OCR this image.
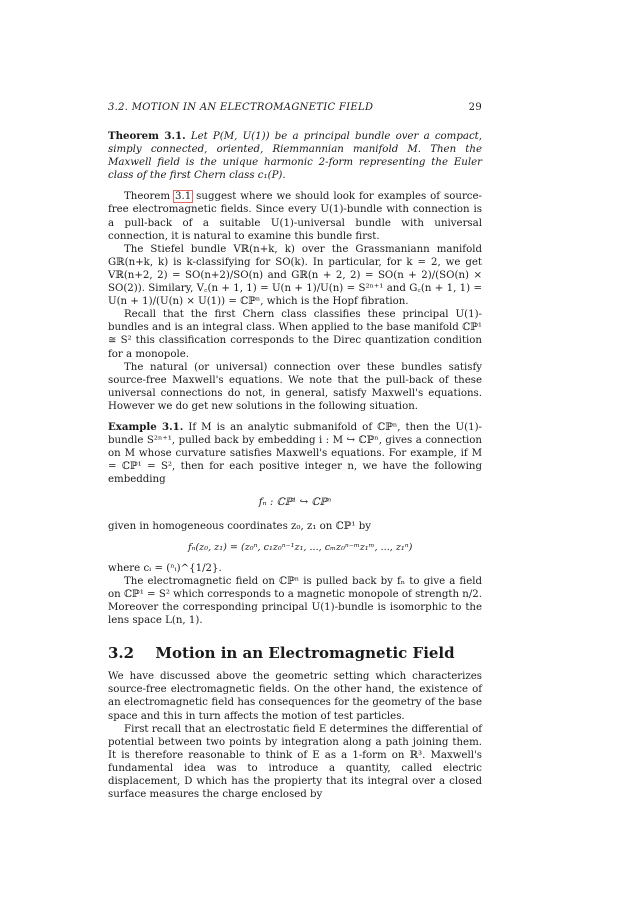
3.2. MOTION IN AN ELECTROMAGNETIC FIELD	29

Theorem 3.1. Let P(M, U(1)) be a principal bundle over a compact, simply connected, oriented, Riemmannian manifold M. Then the Maxwell field is the unique harmonic 2-form representing the Euler class of the first Chern class c₁(P).

Theorem 3.1 suggest where we should look for examples of source-free electromagnetic fields. Since every U(1)-bundle with connection is a pull-back of a suitable U(1)-universal bundle with universal connection, it is natural to examine this bundle first.

The Stiefel bundle Vℝ(n+k, k) over the Grassmaniann manifold Gℝ(n+k, k) is k-classifying for SO(k). In particular, for k = 2, we get Vℝ(n+2, 2) = SO(n+2)/SO(n) and Gℝ(n + 2, 2) = SO(n + 2)/(SO(n) × SO(2)). Similary, V꜀(n + 1, 1) = U(n + 1)/U(n) = S²ⁿ⁺¹ and G꜀(n + 1, 1) = U(n + 1)/(U(n) × U(1)) = ℂℙⁿ, which is the Hopf fibration.

Recall that the first Chern class classifies these principal U(1)-bundles and is an integral class. When applied to the base manifold ℂℙ¹ ≅ S² this classification corresponds to the Direc quantization condition for a monopole.

The natural (or universal) connection over these bundles satisfy source-free Maxwell's equations. We note that the pull-back of these universal connections do not, in general, satisfy Maxwell's equations. However we do get new solutions in the following situation.

Example 3.1. If M is an analytic submanifold of ℂℙⁿ, then the U(1)-bundle S²ⁿ⁺¹, pulled back by embedding i : M ↪ ℂℙⁿ, gives a connection on M whose curvature satisfies Maxwell's equations. For example, if M = ℂℙ¹ = S², then for each positive integer n, we have the following embedding

fₙ : ℂℙ¹ ↪ ℂℙⁿ

given in homogeneous coordinates z₀, z₁ on ℂℙ¹ by

fₙ(z₀, z₁) = (z₀ⁿ, c₁z₀ⁿ⁻¹z₁, ..., cₘz₀ⁿ⁻ᵐz₁ᵐ, ..., z₁ⁿ)

where cᵢ = (ⁿᵢ)^{1/2}.

The electromagnetic field on ℂℙⁿ is pulled back by fₙ to give a field on ℂℙ¹ = S² which corresponds to a magnetic monopole of strength n/2. Moreover the corresponding principal U(1)-bundle is isomorphic to the lens space L(n, 1).

3.2 Motion in an Electromagnetic Field

We have discussed above the geometric setting which characterizes source-free electromagnetic fields. On the other hand, the existence of an electromagnetic field has consequences for the geometry of the base space and this in turn affects the motion of test particles.

First recall that an electrostatic field E determines the differential of potential between two points by integration along a path joining them. It is therefore reasonable to think of E as a 1-form on ℝ³. Maxwell's fundamental idea was to introduce a quantity, called electric displacement, D which has the propierty that its integral over a closed surface measures the charge enclosed by
